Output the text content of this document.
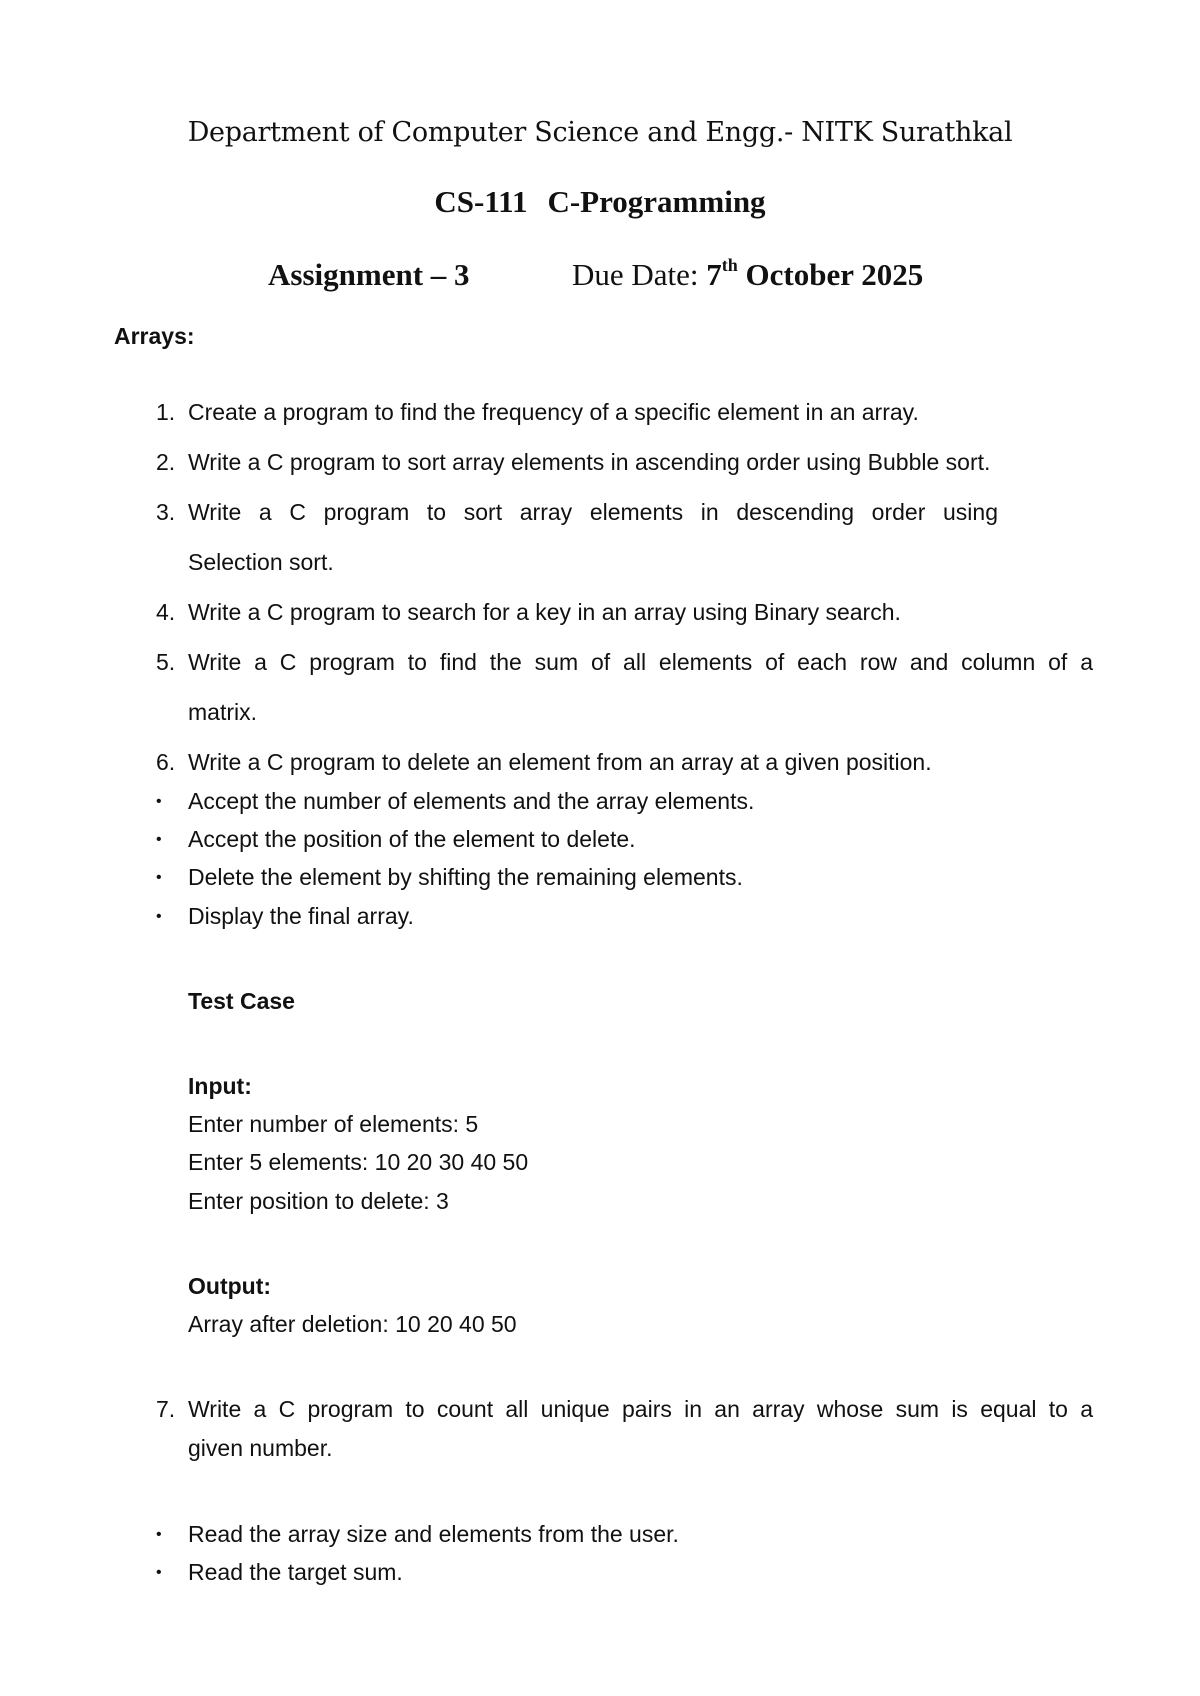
Department of Computer Science and Engg.- NITK Surathkal
CS-111 C-Programming
Assignment – 3	Due Date: 7th October 2025
Arrays:
1. Create a program to find the frequency of a specific element in an array.
2. Write a C program to sort array elements in ascending order using Bubble sort.
3. Write a C program to sort array elements in descending order using
Selection sort.
4. Write a C program to search for a key in an array using Binary search.
5. Write a C program to find the sum of all elements of each row and column of a
matrix.
6. Write a C program to delete an element from an array at a given position.
• Accept the number of elements and the array elements.
• Accept the position of the element to delete.
• Delete the element by shifting the remaining elements.
• Display the final array.
Test Case
Input:
Enter number of elements: 5
Enter 5 elements: 10 20 30 40 50
Enter position to delete: 3
Output:
Array after deletion: 10 20 40 50
7. Write a C program to count all unique pairs in an array whose sum is equal to a
given number.
• Read the array size and elements from the user.
• Read the target sum.
